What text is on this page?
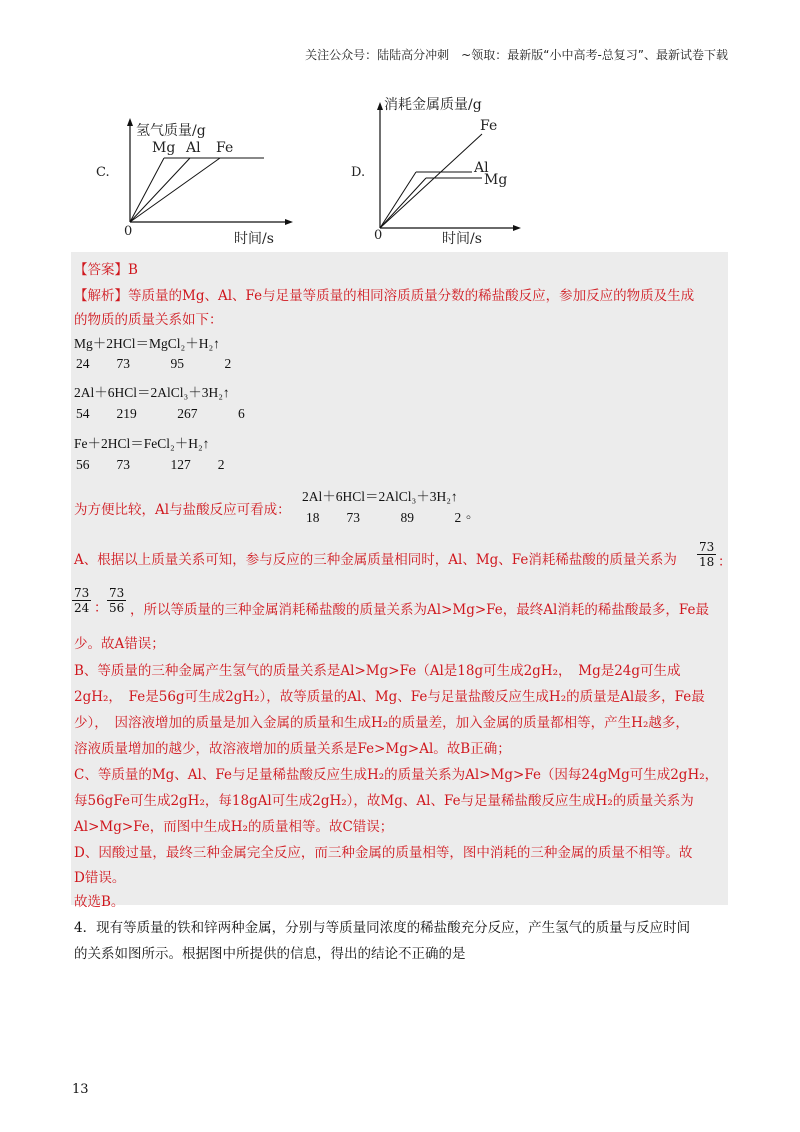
关注公众号：陆陆高分冲刺　~领取：最新版“小中高考-总复习”、最新试卷下载
C.
氢气质量/g
Mg Al Fe
0	时间/s
D.
消耗金属质量/g
Fe
Al
Mg
0	时间/s
【答案】B
【解析】等质量的Mg、Al、Fe与足量等质量的相同溶质质量分数的稀盐酸反应，参加反应的物质及生成
的物质的质量关系如下：
Mg＋2HCl＝MgCl₂＋H₂↑
24　　73　　　95　　　2
2Al＋6HCl＝2AlCl₃＋3H₂↑
54　　219　　　267　　　6
Fe＋2HCl＝FeCl₂＋H₂↑
56　　73　　　127　　2
为方便比较，Al与盐酸反应可看成：
2Al＋6HCl＝2AlCl₃＋3H₂↑
18　　73　　　89　　　2 。
A、根据以上质量关系可知，参与反应的三种金属质量相同时，Al、Mg、Fe消耗稀盐酸的质量关系为 $\frac{73}{18}$ ：
$\frac{73}{24}$ ： $\frac{73}{56}$ ，所以等质量的三种金属消耗稀盐酸的质量关系为Al>Mg>Fe，最终Al消耗的稀盐酸最多，Fe最
少。故A错误；
B、等质量的三种金属产生氢气的质量关系是Al>Mg>Fe（Al是18g可生成2gH₂，　Mg是24g可生成
2gH₂，　Fe是56g可生成2gH₂），故等质量的Al、Mg、Fe与足量盐酸反应生成H₂的质量是Al最多，Fe最
少），　因溶液增加的质量是加入金属的质量和生成H₂的质量差，加入金属的质量都相等，产生H₂越多，
溶液质量增加的越少，故溶液增加的质量关系是Fe>Mg>Al。故B正确；
C、等质量的Mg、Al、Fe与足量稀盐酸反应生成H₂的质量关系为Al>Mg>Fe（因每24gMg可生成2gH₂，
每56gFe可生成2gH₂，每18gAl可生成2gH₂），故Mg、Al、Fe与足量稀盐酸反应生成H₂的质量关系为
Al>Mg>Fe，而图中生成H₂的质量相等。故C错误；
D、因酸过量，最终三种金属完全反应，而三种金属的质量相等，图中消耗的三种金属的质量不相等。故
D错误。
故选B。
4．现有等质量的铁和锌两种金属，分别与等质量同浓度的稀盐酸充分反应，产生氢气的质量与反应时间
的关系如图所示。根据图中所提供的信息，得出的结论不正确的是
13
